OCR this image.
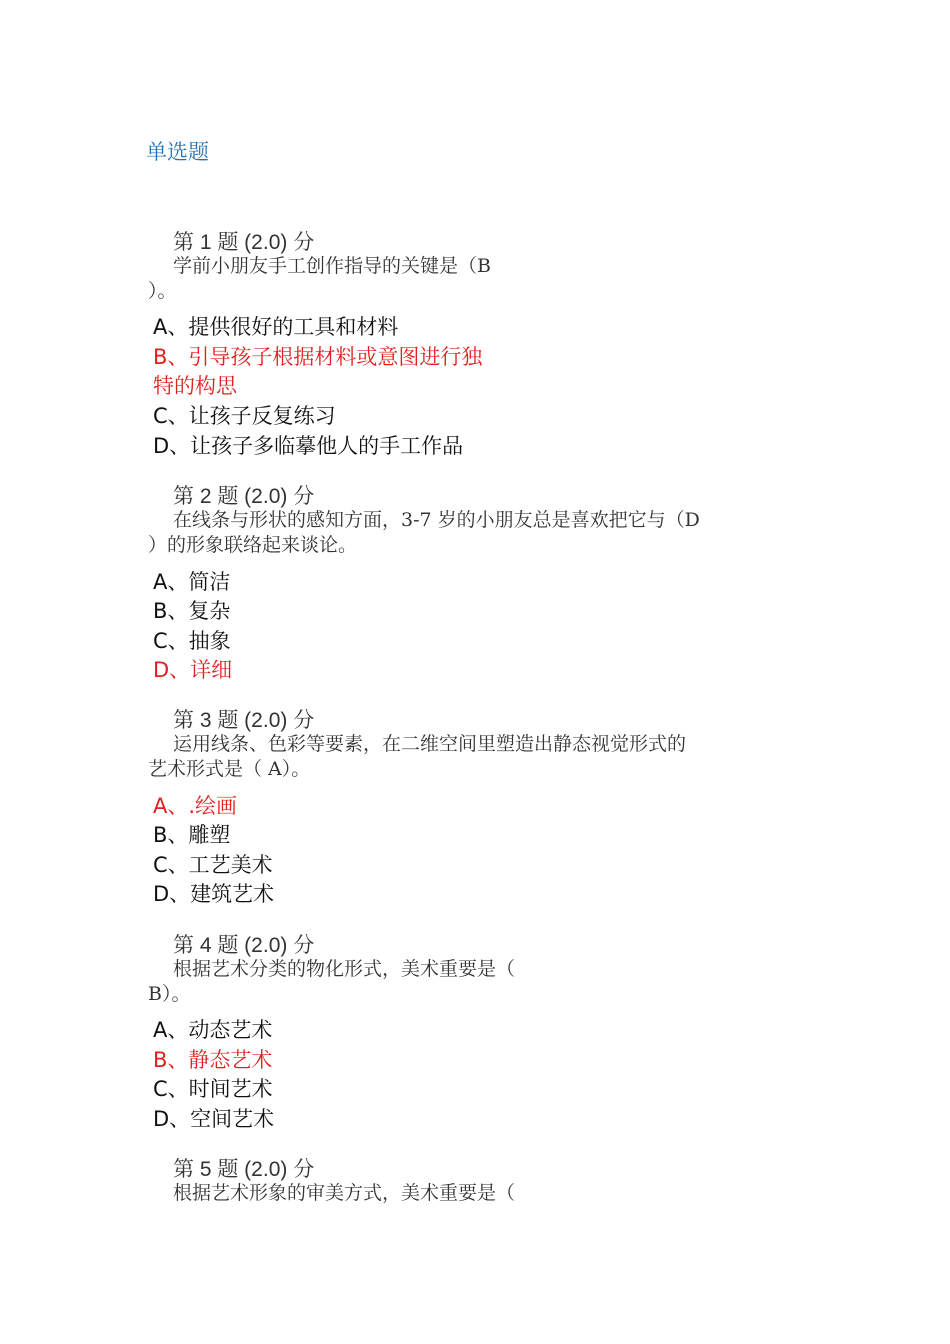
单选题
第 1 题 (2.0) 分
学前小朋友手工创作指导的关键是（B
）。
A、提供很好的工具和材料
B、引导孩子根据材料或意图进行独
特的构思
C、让孩子反复练习
D、让孩子多临摹他人的手工作品
第 2 题 (2.0) 分
在线条与形状的感知方面，3-7 岁的小朋友总是喜欢把它与（D
）的形象联络起来谈论。
A、简洁
B、复杂
C、抽象
D、详细
第 3 题 (2.0) 分
运用线条、色彩等要素，在二维空间里塑造出静态视觉形式的
艺术形式是（ A）。
A、.绘画
B、雕塑
C、工艺美术
D、建筑艺术
第 4 题 (2.0) 分
根据艺术分类的物化形式，美术重要是（
B）。
A、动态艺术
B、静态艺术
C、时间艺术
D、空间艺术
第 5 题 (2.0) 分
根据艺术形象的审美方式，美术重要是（
